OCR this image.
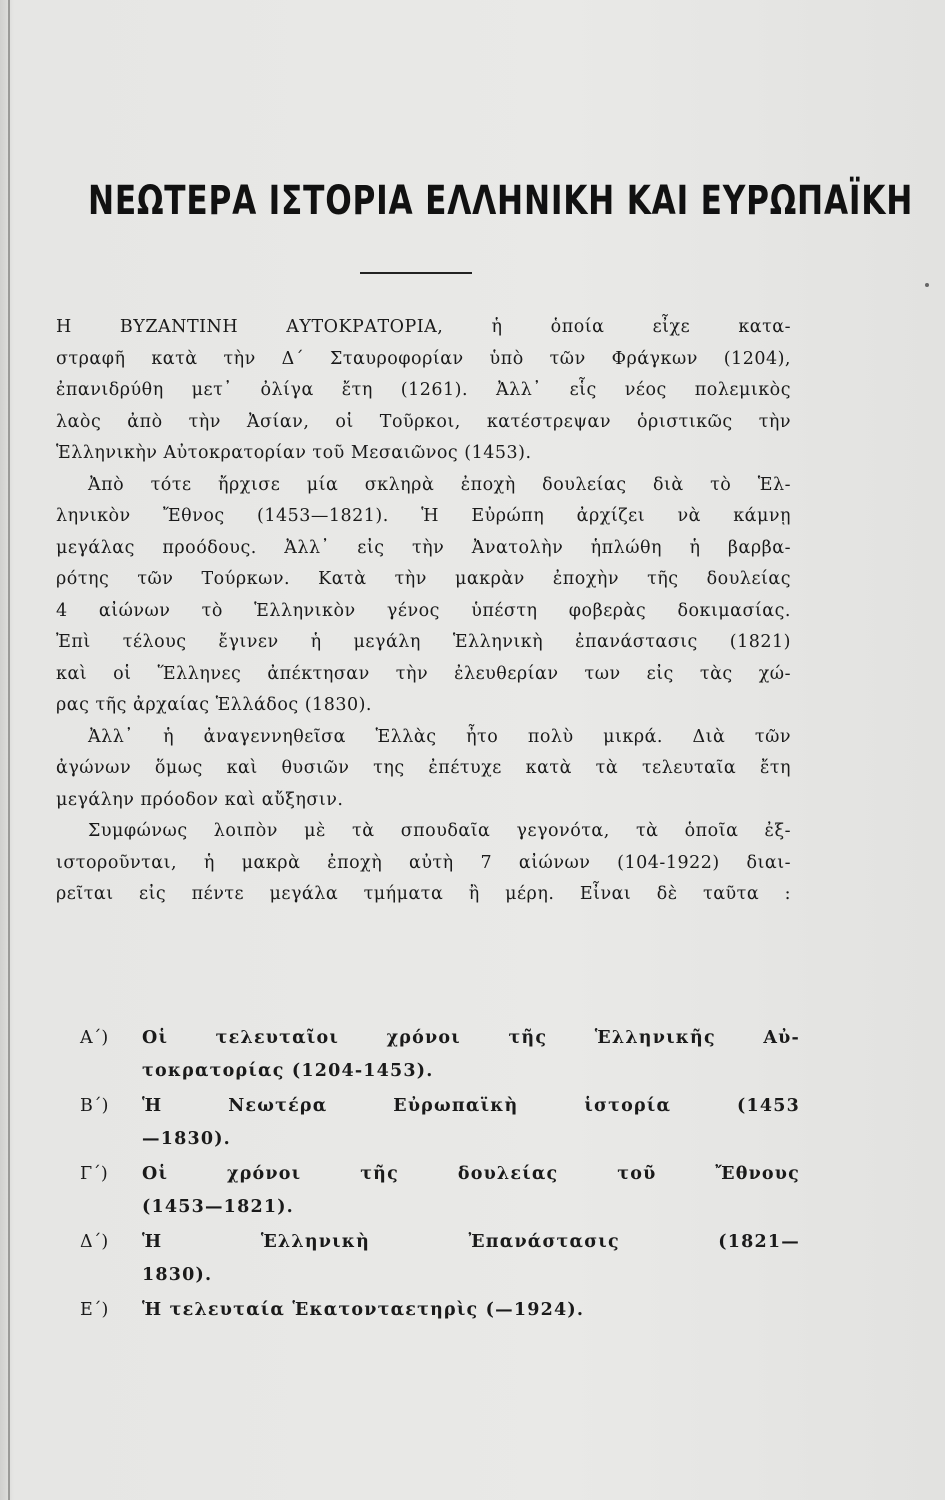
ΝΕΩΤΕΡΑ ΙΣΤΟΡΙΑ ΕΛΛΗΝΙΚΗ ΚΑΙ ΕΥΡΩΠΑΪΚΗ
Η ΒΥΖΑΝΤΙΝΗ ΑΥΤΟΚΡΑΤΟΡΙΑ, ἡ ὁποία εἶχε κατα-
στραφῆ κατὰ τὴν Δ΄ Σταυροφορίαν ὑπὸ τῶν Φράγκων (1204),
ἐπανιδρύθη μετ᾽ ὀλίγα ἔτη (1261). Ἀλλ᾽ εἷς νέος πολεμικὸς
λαὸς ἀπὸ τὴν Ἀσίαν, οἱ Τοῦρκοι, κατέστρεψαν ὁριστικῶς τὴν
Ἑλληνικὴν Αὐτοκρατορίαν τοῦ Μεσαιῶνος (1453).
Ἀπὸ τότε ἤρχισε μία σκληρὰ ἐποχὴ δουλείας διὰ τὸ Ἑλ-
ληνικὸν Ἔθνος (1453—1821). Ἡ Εὐρώπη ἀρχίζει νὰ κάμνῃ
μεγάλας προόδους. Ἀλλ᾽ εἰς τὴν Ἀνατολὴν ἡπλώθη ἡ βαρβα-
ρότης τῶν Τούρκων. Κατὰ τὴν μακρὰν ἐποχὴν τῆς δουλείας
4 αἰώνων τὸ Ἑλληνικὸν γένος ὑπέστη φοβερὰς δοκιμασίας.
Ἐπὶ τέλους ἔγινεν ἡ μεγάλη Ἑλληνικὴ ἐπανάστασις (1821)
καὶ οἱ Ἕλληνες ἀπέκτησαν τὴν ἐλευθερίαν των εἰς τὰς χώ-
ρας τῆς ἀρχαίας Ἑλλάδος (1830).
Ἀλλ᾽ ἡ ἀναγεννηθεῖσα Ἑλλὰς ἦτο πολὺ μικρά. Διὰ τῶν
ἀγώνων ὅμως καὶ θυσιῶν της ἐπέτυχε κατὰ τὰ τελευταῖα ἔτη
μεγάλην πρόοδον καὶ αὔξησιν.
Συμφώνως λοιπὸν μὲ τὰ σπουδαῖα γεγονότα, τὰ ὁποῖα ἐξ-
ιστοροῦνται, ἡ μακρὰ ἐποχὴ αὐτὴ 7 αἰώνων (104-1922) διαι-
ρεῖται εἰς πέντε μεγάλα τμήματα ἢ μέρη. Εἶναι δὲ ταῦτα :
Α΄)	Οἱ τελευταῖοι χρόνοι τῆς Ἑλληνικῆς Αὐ-
τοκρατορίας (1204-1453).
Β΄)	Ἡ Νεωτέρα Εὐρωπαϊκὴ ἱστορία (1453
—1830).
Γ΄)	Οἱ χρόνοι τῆς δουλείας τοῦ Ἔθνους
(1453—1821).
Δ΄)	Ἡ Ἑλληνικὴ Ἐπανάστασις (1821—
1830).
Ε΄)	Ἡ τελευταία Ἑκατονταετηρὶς (—1924).
